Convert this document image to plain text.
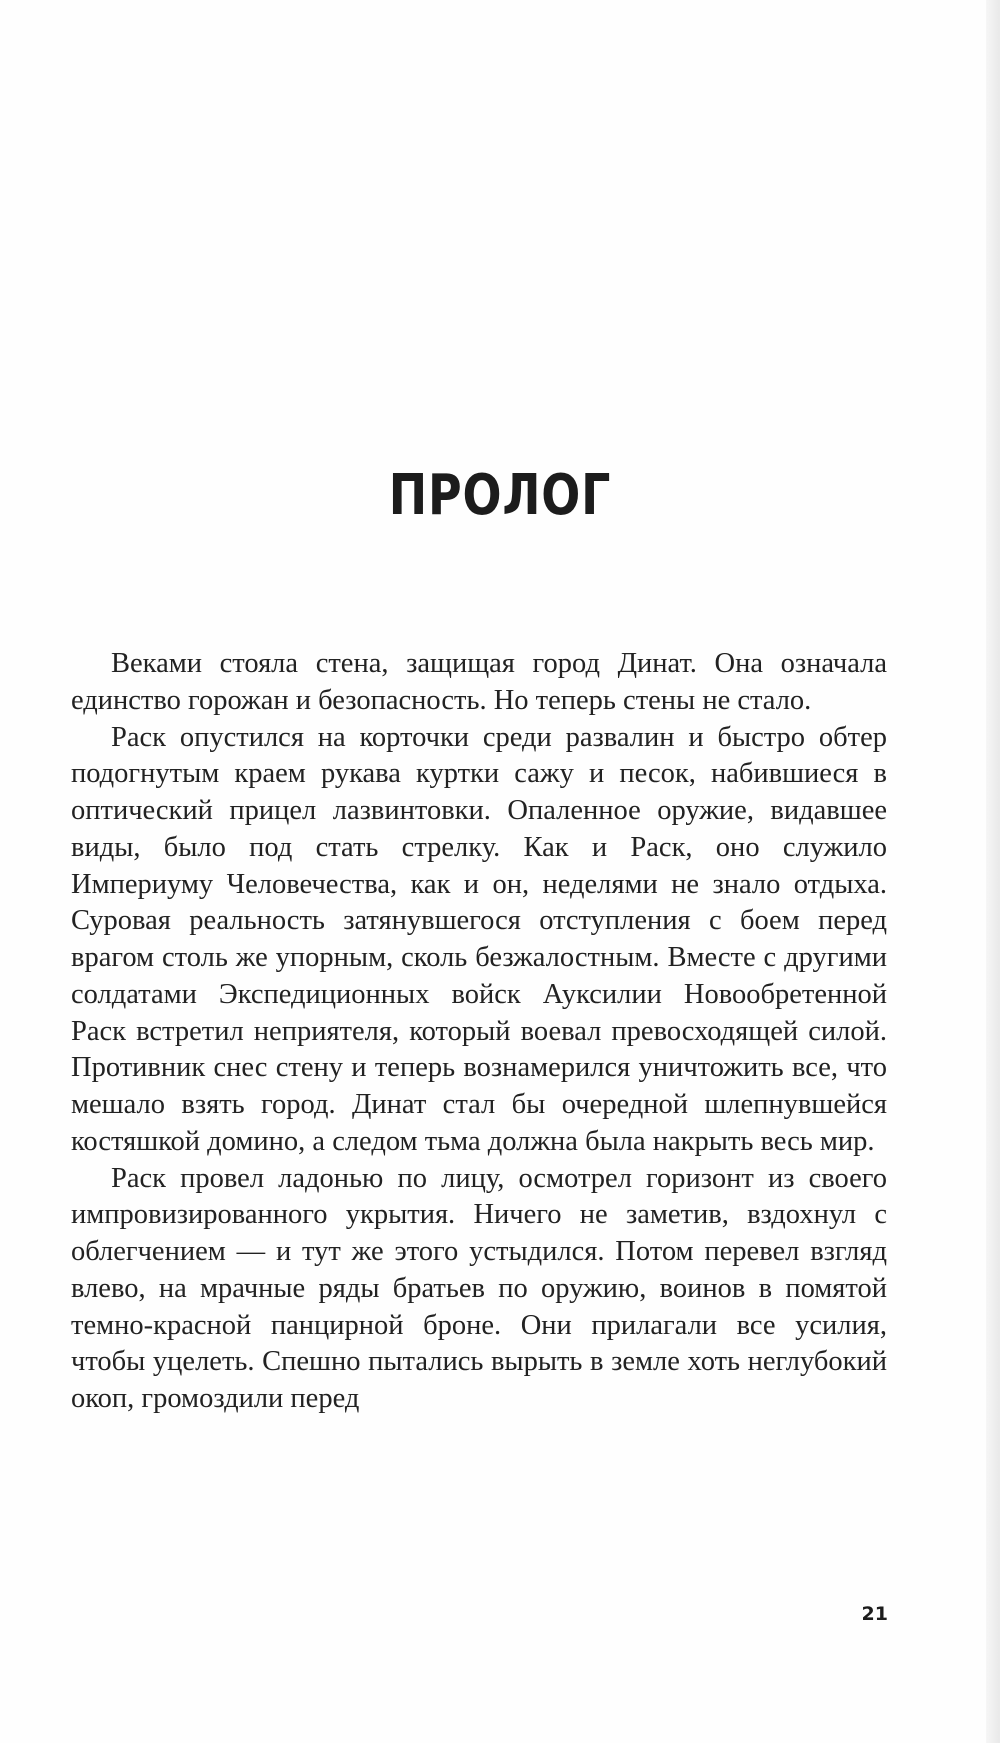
ПРОЛОГ

Веками стояла стена, защищая город Динат. Она означала единство горожан и безопасность. Но теперь стены не стало.

Раск опустился на корточки среди развалин и быстро обтер подогнутым краем рукава куртки сажу и песок, набившиеся в оптический прицел лазвинтовки. Опаленное оружие, видавшее виды, было под стать стрелку. Как и Раск, оно служило Империуму Человечества, как и он, неделями не знало отдыха. Суровая реальность затянувшегося отступления с боем перед врагом столь же упорным, сколь безжалостным. Вместе с другими солдатами Экспедиционных войск Ауксилии Новообретенной Раск встретил неприятеля, который воевал превосходящей силой. Противник снес стену и теперь вознамерился уничтожить все, что мешало взять город. Динат стал бы очередной шлепнувшейся костяшкой домино, а следом тьма должна была накрыть весь мир.

Раск провел ладонью по лицу, осмотрел горизонт из своего импровизированного укрытия. Ничего не заметив, вздохнул с облегчением — и тут же этого устыдился. Потом перевел взгляд влево, на мрачные ряды братьев по оружию, воинов в помятой темно-красной панцирной броне. Они прилагали все усилия, чтобы уцелеть. Спешно пытались вырыть в земле хоть неглубокий окоп, громоздили перед

21
